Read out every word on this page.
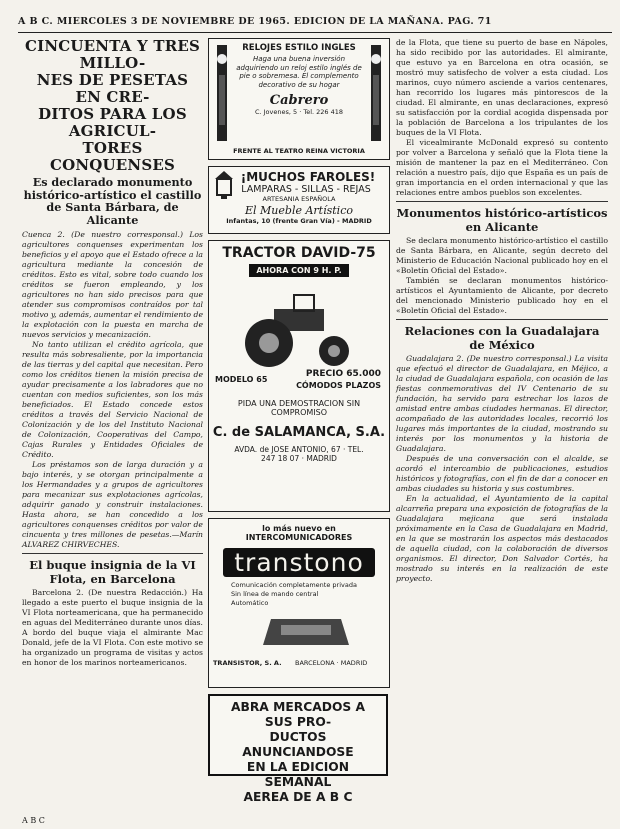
A B C. MIERCOLES 3 DE NOVIEMBRE DE 1965. EDICION DE LA MAÑANA. PAG. 71
CINCUENTA Y TRES MILLO-
NES DE PESETAS EN CRE-
DITOS PARA LOS AGRICUL-
TORES CONQUENSES
Es declarado monumento histórico-artístico el castillo de Santa Bárbara, de Alicante

Cuenca 2. (De nuestro corresponsal.) Los agricultores conquenses experimentan los beneficios y el apoyo que el Estado ofrece a la agricultura mediante la concesión de créditos. Esto es vital, sobre todo cuando los créditos se fueron empleando, y los agricultores no han sido precisos para que atender sus compromisos contraídos por tal motivo y, además, aumentar el rendimiento de la explotación con la puesta en marcha de nuevos servicios y mecanización.

No tanto utilizan el crédito agrícola, que resulta más sobresaliente, por la importancia de las tierras y del capital que necesitan. Pero como los créditos tienen la misión precisa de ayudar precisamente a los labradores que no cuentan con medios suficientes, son los más beneficiados. El Estado concede estos créditos a través del Servicio Nacional de Colonización y de los del Instituto Nacional de Colonización, Cooperativas del Campo, Cajas Rurales y Entidades Oficiales de Crédito.

Los préstamos son de larga duración y a bajo interés, y se otorgan principalmente a los Hermandades y a grupos de agricultores para mecanizar sus explotaciones agrícolas, adquirir ganado y construir instalaciones. Hasta ahora, se han concedido a los agricultores conquenses créditos por valor de cincuenta y tres millones de pesetas.—Marín ALVAREZ CHIRVECHES.

El buque insignia de la VI Flota, en Barcelona

Barcelona 2. (De nuestra Redacción.) Ha llegado a este puerto el buque insignia de la VI Flota norteamericana, que ha permanecido en aguas del Mediterráneo durante unos días. A bordo del buque viaja el almirante Mac Donald, jefe de la VI Flota. Con este motivo se ha organizado un programa de visitas y actos en honor de los marinos norteamericanos.

RELOJES ESTILO INGLES
Haga una buena inversión adquiriendo un reloj estilo inglés de pie o sobremesa. El complemento decorativo de su hogar
Cabrero
C. Jovenes, 5 · Tel. 226 418
FRENTE AL TEATRO REINA VICTORIA
¡MUCHOS FAROLES!
LAMPARAS - SILLAS - REJAS
ARTESANIA ESPAÑOLA
El Mueble Artístico
Infantas, 10 (frente Gran Vía) - MADRID
TRACTOR DAVID-75
AHORA CON 9 H. P.
MODELO 65
PRECIO 65.000
CÓMODOS PLAZOS
PIDA UNA DEMOSTRACION SIN COMPROMISO
C. de SALAMANCA, S.A.
AVDA. de JOSE ANTONIO, 67 · TEL. 247 18 07 · MADRID
lo más nuevo en INTERCOMUNICADORES
transtono
Comunicación completamente privada
Sin línea de mando central
Automático
TRANSISTOR, S. A. BARCELONA · MADRID
ABRA MERCADOS A SUS PRO-
DUCTOS ANUNCIANDOSE
EN LA EDICION SEMANAL
AEREA DE A B C

de la Flota, que tiene su puerto de base en Nápoles, ha sido recibido por las autoridades. El almirante, que estuvo ya en Barcelona en otra ocasión, se mostró muy satisfecho de volver a esta ciudad. Los marinos, cuyo número asciende a varios centenares, han recorrido los lugares más pintorescos de la ciudad. El almirante, en unas declaraciones, expresó su satisfacción por la cordial acogida dispensada por la población de Barcelona a los tripulantes de los buques de la VI Flota.

El vicealmirante McDonald expresó su contento por volver a Barcelona y señaló que la Flota tiene la misión de mantener la paz en el Mediterráneo. Con relación a nuestro país, dijo que España es un país de gran importancia en el orden internacional y que las relaciones entre ambos pueblos son excelentes.

Monumentos histórico-artísticos en Alicante

Se declara monumento histórico-artístico el castillo de Santa Bárbara, en Alicante, según decreto del Ministerio de Educación Nacional publicado hoy en el «Boletín Oficial del Estado».

También se declaran monumentos histórico-artísticos el Ayuntamiento de Alicante, por decreto del mencionado Ministerio publicado hoy en el «Boletín Oficial del Estado».

Relaciones con la Guadalajara de México

Guadalajara 2. (De nuestro corresponsal.) La visita que efectuó el director de Guadalajara, en Méjico, a la ciudad de Guadalajara española, con ocasión de las fiestas conmemorativas del IV Centenario de su fundación, ha servido para estrechar los lazos de amistad entre ambas ciudades hermanas. El director, acompañado de las autoridades locales, recorrió los lugares más importantes de la ciudad, mostrando su interés por los monumentos y la historia de Guadalajara.

Después de una conversación con el alcalde, se acordó el intercambio de publicaciones, estudios históricos y fotografías, con el fin de dar a conocer en ambas ciudades su historia y sus costumbres.

En la actualidad, el Ayuntamiento de la capital alcarreña prepara una exposición de fotografías de la Guadalajara mejicana que será instalada próximamente en la Casa de Guadalajara en Madrid, en la que se mostrarán los aspectos más destacados de aquella ciudad, con la colaboración de diversos organismos. El director, Don Salvador Cortés, ha mostrado su interés en la realización de este proyecto.

A B C
